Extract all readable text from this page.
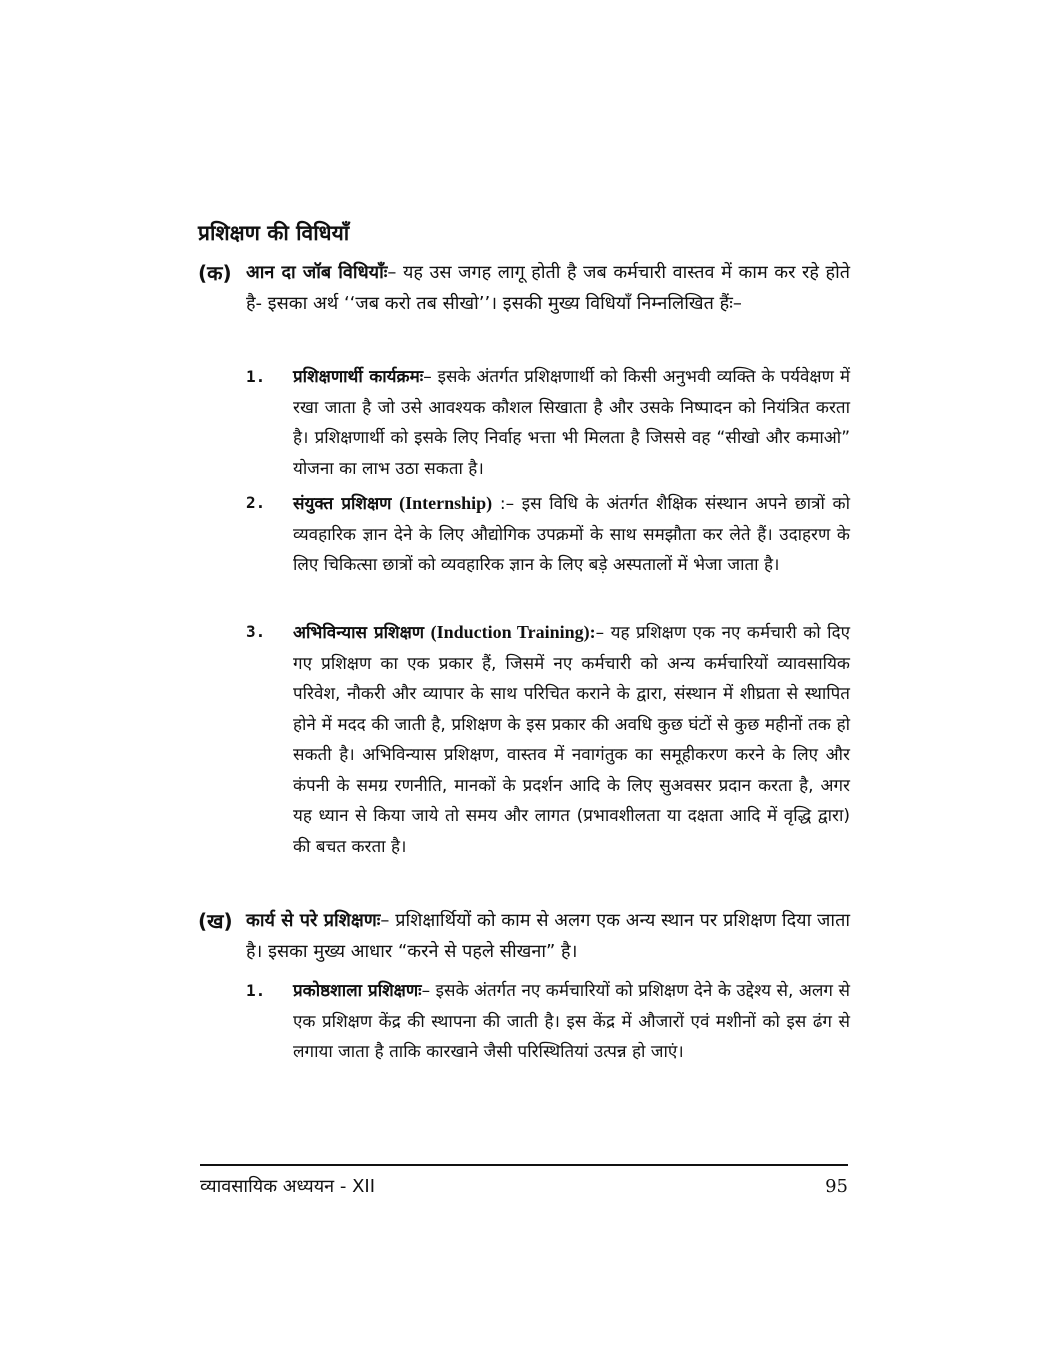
प्रशिक्षण की विधियाँ
(क) आन दा जॉब विधियाँः– यह उस जगह लागू होती है जब कर्मचारी वास्तव में काम कर रहे होते है- इसका अर्थ ‘‘जब करो तब सीखो’’। इसकी मुख्य विधियाँ निम्नलिखित हैंः–
1.	प्रशिक्षणार्थी कार्यक्रमः– इसके अंतर्गत प्रशिक्षणार्थी को किसी अनुभवी व्यक्ति के पर्यवेक्षण में रखा जाता है जो उसे आवश्यक कौशल सिखाता है और उसके निष्पादन को नियंत्रित करता है। प्रशिक्षणार्थी को इसके लिए निर्वाह भत्ता भी मिलता है जिससे वह “सीखो और कमाओ” योजना का लाभ उठा सकता है।
2.	संयुक्त प्रशिक्षण (Internship) :– इस विधि के अंतर्गत शैक्षिक संस्थान अपने छात्रों को व्यवहारिक ज्ञान देने के लिए औद्योगिक उपक्रमों के साथ समझौता कर लेते हैं। उदाहरण के लिए चिकित्सा छात्रों को व्यवहारिक ज्ञान के लिए बड़े अस्पतालों में भेजा जाता है।
3.	अभिविन्यास प्रशिक्षण (Induction Training):– यह प्रशिक्षण एक नए कर्मचारी को दिए गए प्रशिक्षण का एक प्रकार हैं, जिसमें नए कर्मचारी को अन्य कर्मचारियों व्यावसायिक परिवेश, नौकरी और व्यापार के साथ परिचित कराने के द्वारा, संस्थान में शीघ्रता से स्थापित होने में मदद की जाती है, प्रशिक्षण के इस प्रकार की अवधि कुछ घंटों से कुछ महीनों तक हो सकती है। अभिविन्यास प्रशिक्षण, वास्तव में नवागंतुक का समूहीकरण करने के लिए और कंपनी के समग्र रणनीति, मानकों के प्रदर्शन आदि के लिए सुअवसर प्रदान करता है, अगर यह ध्यान से किया जाये तो समय और लागत (प्रभावशीलता या दक्षता आदि में वृद्धि द्वारा) की बचत करता है।
(ख) कार्य से परे प्रशिक्षणः– प्रशिक्षार्थियों को काम से अलग एक अन्य स्थान पर प्रशिक्षण दिया जाता है। इसका मुख्य आधार “करने से पहले सीखना” है।
1.	प्रकोष्ठशाला प्रशिक्षणः– इसके अंतर्गत नए कर्मचारियों को प्रशिक्षण देने के उद्देश्य से, अलग से एक प्रशिक्षण केंद्र की स्थापना की जाती है। इस केंद्र में औजारों एवं मशीनों को इस ढंग से लगाया जाता है ताकि कारखाने जैसी परिस्थितियां उत्पन्न हो जाएं।
व्यावसायिक अध्ययन - XII	95
